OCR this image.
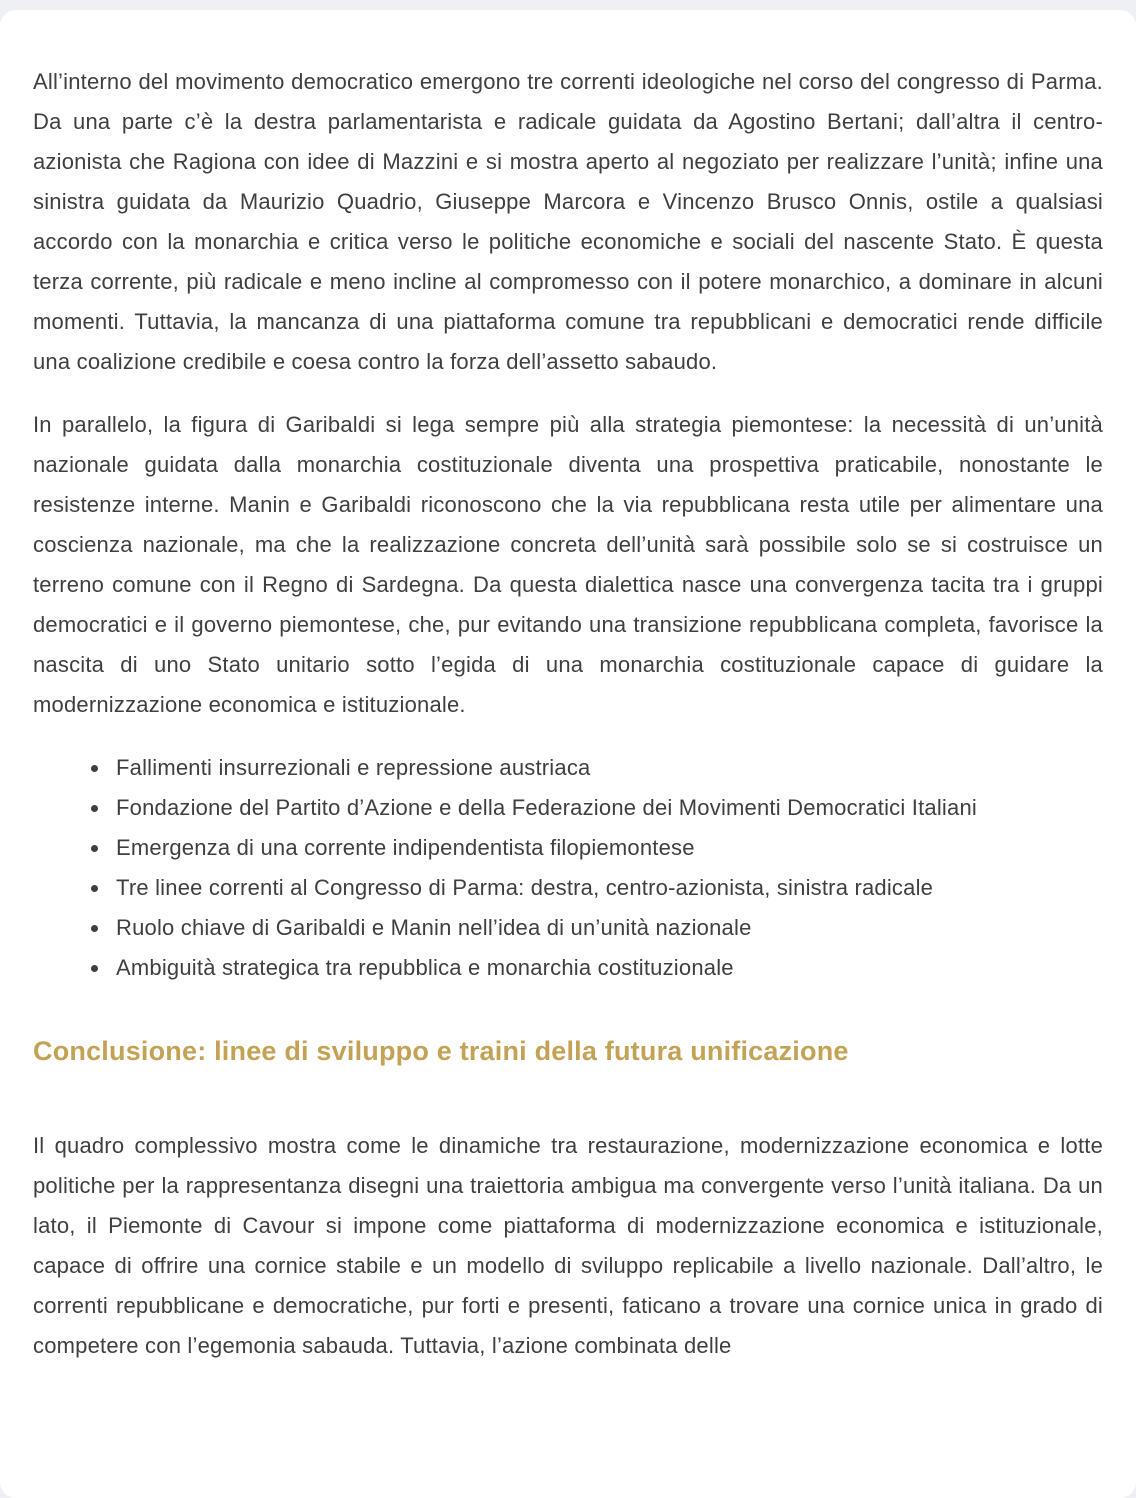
All’interno del movimento democratico emergono tre correnti ideologiche nel corso del congresso di Parma. Da una parte c’è la destra parlamentarista e radicale guidata da Agostino Bertani; dall’altra il centro-azionista che Ragiona con idee di Mazzini e si mostra aperto al negoziato per realizzare l’unità; infine una sinistra guidata da Maurizio Quadrio, Giuseppe Marcora e Vincenzo Brusco Onnis, ostile a qualsiasi accordo con la monarchia e critica verso le politiche economiche e sociali del nascente Stato. È questa terza corrente, più radicale e meno incline al compromesso con il potere monarchico, a dominare in alcuni momenti. Tuttavia, la mancanza di una piattaforma comune tra repubblicani e democratici rende difficile una coalizione credibile e coesa contro la forza dell’assetto sabaudo.

In parallelo, la figura di Garibaldi si lega sempre più alla strategia piemontese: la necessità di un’unità nazionale guidata dalla monarchia costituzionale diventa una prospettiva praticabile, nonostante le resistenze interne. Manin e Garibaldi riconoscono che la via repubblicana resta utile per alimentare una coscienza nazionale, ma che la realizzazione concreta dell’unità sarà possibile solo se si costruisce un terreno comune con il Regno di Sardegna. Da questa dialettica nasce una convergenza tacita tra i gruppi democratici e il governo piemontese, che, pur evitando una transizione repubblicana completa, favorisce la nascita di uno Stato unitario sotto l’egida di una monarchia costituzionale capace di guidare la modernizzazione economica e istituzionale.

Fallimenti insurrezionali e repressione austriaca
Fondazione del Partito d’Azione e della Federazione dei Movimenti Democratici Italiani
Emergenza di una corrente indipendentista filopiemontese
Tre linee correnti al Congresso di Parma: destra, centro-azionista, sinistra radicale
Ruolo chiave di Garibaldi e Manin nell’idea di un’unità nazionale
Ambiguità strategica tra repubblica e monarchia costituzionale
Conclusione: linee di sviluppo e traini della futura unificazione

Il quadro complessivo mostra come le dinamiche tra restaurazione, modernizzazione economica e lotte politiche per la rappresentanza disegni una traiettoria ambigua ma convergente verso l’unità italiana. Da un lato, il Piemonte di Cavour si impone come piattaforma di modernizzazione economica e istituzionale, capace di offrire una cornice stabile e un modello di sviluppo replicabile a livello nazionale. Dall’altro, le correnti repubblicane e democratiche, pur forti e presenti, faticano a trovare una cornice unica in grado di competere con l’egemonia sabauda. Tuttavia, l’azione combinata delle
